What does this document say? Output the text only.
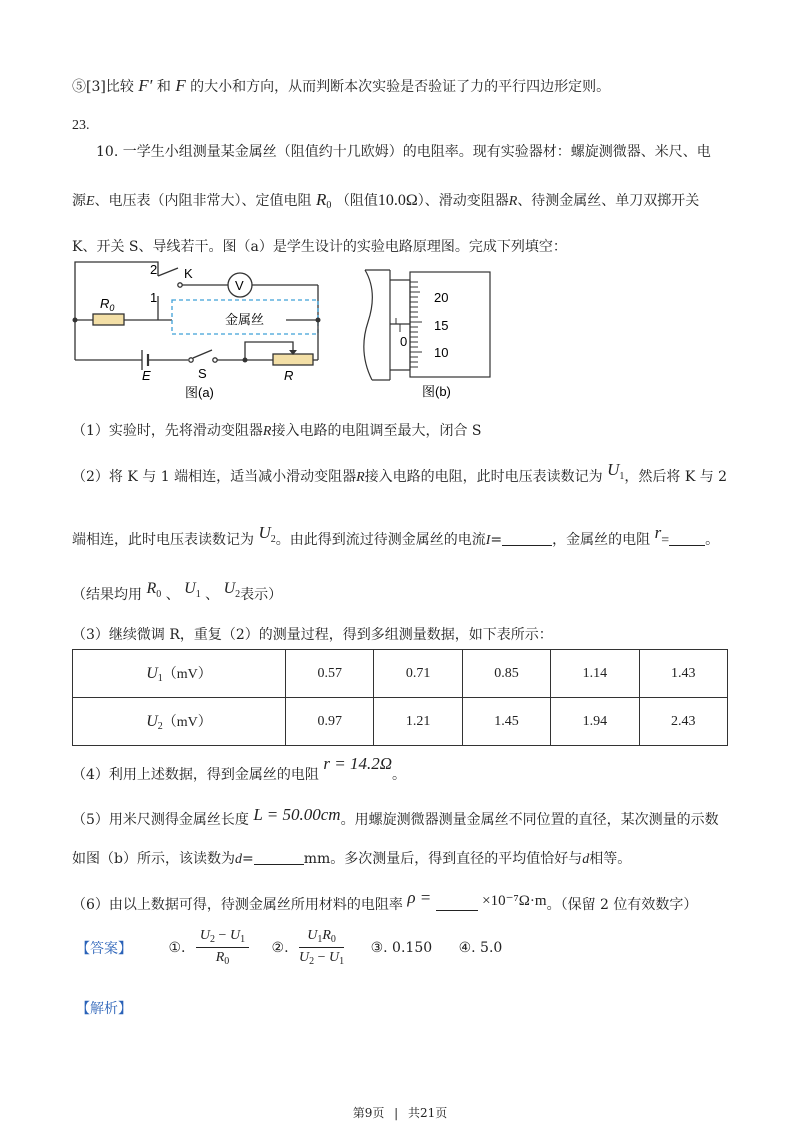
⑤[3]比较 F′ 和 F 的大小和方向，从而判断本次实验是否验证了力的平行四边形定则。
23.
10. 一学生小组测量某金属丝（阻值约十几欧姆）的电阻率。现有实验器材：螺旋测微器、米尺、电
源E、电压表（内阻非常大）、定值电阻 $R_0$ （阻值10.0Ω）、滑动变阻器R、待测金属丝、单刀双掷开关
K、开关 S、导线若干。图（a）是学生设计的实验电路原理图。完成下列填空：
2
1
K
V
$R_0$
金属丝
E	S	R
图(a)
20
15
10
0
图(b)
（1）实验时，先将滑动变阻器R接入电路的电阻调至最大，闭合 S
（2）将 K 与 1 端相连，适当减小滑动变阻器R接入电路的电阻，此时电压表读数记为 $U^1$，然后将 K 与 2
端相连，此时电压表读数记为 $U^2$。由此得到流过待测金属丝的电流I=	，金属丝的电阻 r=	。
（结果均用 $R^0$ 、 $U^1$ 、 $U^2$表示）
（3）继续微调 R，重复（2）的测量过程，得到多组测量数据，如下表所示：
$U_1(mV)$	0.57	0.71	0.85	1.14	1.43
$U_2(mV)$	0.97	1.21	1.45	1.94	2.43
（4）利用上述数据，得到金属丝的电阻 r = 14.2Ω。
（5）用米尺测得金属丝长度 L = 50.00cm。用螺旋测微器测量金属丝不同位置的直径，某次测量的示数
如图（b）所示，该读数为d=	mm。多次测量后，得到直径的平均值恰好与d相等。
（6）由以上数据可得，待测金属丝所用材料的电阻率 ρ =	×10⁻⁷Ω·m。（保留 2 位有效数字）
【答案】	①. $\frac{U_2 - U_1}{R_0}$ ②. $\frac{U_1R_0}{U_2 - U_1}$ ③. 0.150 ④. 5.0
【解析】
第9页 | 共21页
